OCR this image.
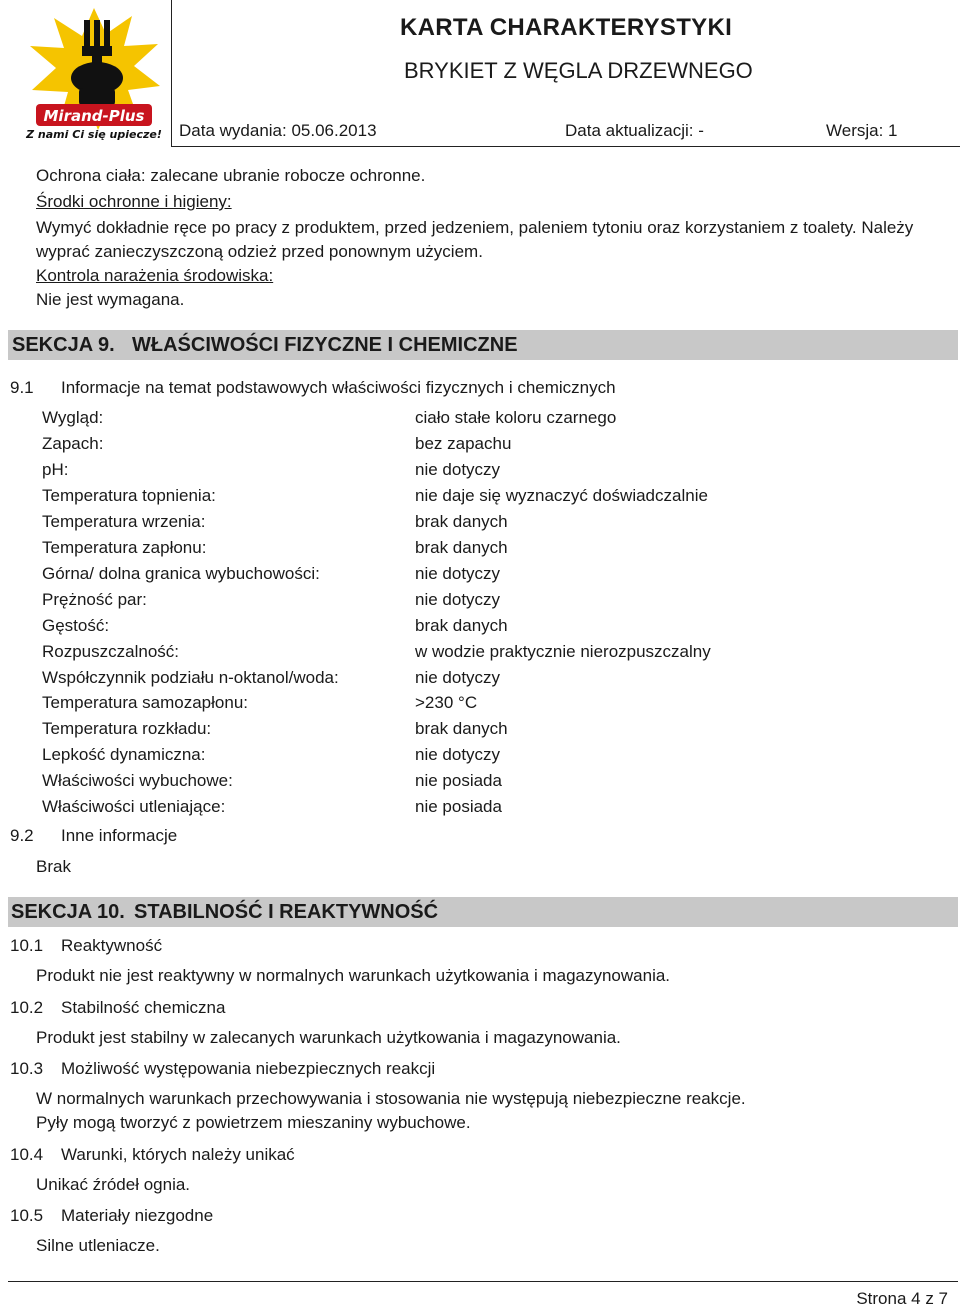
Mirand-Plus
Z nami Ci się upiecze!
KARTA CHARAKTERYSTYKI
BRYKIET Z WĘGLA DRZEWNEGO
Data wydania: 05.06.2013	Data aktualizacji: -	Wersja: 1
Ochrona ciała: zalecane ubranie robocze ochronne.
Środki ochronne i higieny:
Wymyć dokładnie ręce po pracy z produktem, przed jedzeniem, paleniem tytoniu oraz korzystaniem z toalety. Należy
wyprać zanieczyszczoną odzież przed ponownym użyciem.
Kontrola narażenia środowiska:
Nie jest wymagana.
SEKCJA 9. WŁAŚCIWOŚCI FIZYCZNE I CHEMICZNE
9.1 Informacje na temat podstawowych właściwości fizycznych i chemicznych
Wygląd:	ciało stałe koloru czarnego
Zapach:	bez zapachu
pH:	nie dotyczy
Temperatura topnienia:	nie daje się wyznaczyć doświadczalnie
Temperatura wrzenia:	brak danych
Temperatura zapłonu:	brak danych
Górna/ dolna granica wybuchowości:	nie dotyczy
Prężność par:	nie dotyczy
Gęstość:	brak danych
Rozpuszczalność:	w wodzie praktycznie nierozpuszczalny
Współczynnik podziału n-oktanol/woda:	nie dotyczy
Temperatura samozapłonu:	>230 °C
Temperatura rozkładu:	brak danych
Lepkość dynamiczna:	nie dotyczy
Właściwości wybuchowe:	nie posiada
Właściwości utleniające:	nie posiada
9.2 Inne informacje
Brak
SEKCJA 10. STABILNOŚĆ I REAKTYWNOŚĆ
10.1 Reaktywność
Produkt nie jest reaktywny w normalnych warunkach użytkowania i magazynowania.
10.2 Stabilność chemiczna
Produkt jest stabilny w zalecanych warunkach użytkowania i magazynowania.
10.3 Możliwość występowania niebezpiecznych reakcji
W normalnych warunkach przechowywania i stosowania nie występują niebezpieczne reakcje.
Pyły mogą tworzyć z powietrzem mieszaniny wybuchowe.
10.4 Warunki, których należy unikać
Unikać źródeł ognia.
10.5 Materiały niezgodne
Silne utleniacze.
Strona 4 z 7
